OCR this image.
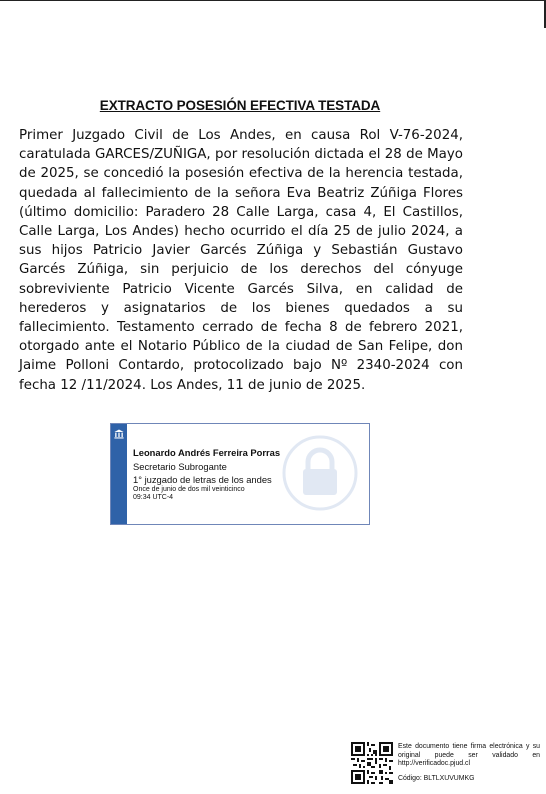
EXTRACTO POSESIÓN EFECTIVA TESTADA

Primer Juzgado Civil de Los Andes, en causa Rol V-76-2024, caratulada GARCES/ZUÑIGA, por resolución dictada el 28 de Mayo de 2025, se concedió la posesión efectiva de la herencia testada, quedada al fallecimiento de la señora Eva Beatriz Zúñiga Flores (último domicilio: Paradero 28 Calle Larga, casa 4, El Castillos, Calle Larga, Los Andes) hecho ocurrido el día 25 de julio 2024, a sus hijos Patricio Javier Garcés Zúñiga y Sebastián Gustavo Garcés Zúñiga, sin perjuicio de los derechos del cónyuge sobreviviente Patricio Vicente Garcés Silva, en calidad de herederos y asignatarios de los bienes quedados a su fallecimiento. Testamento cerrado de fecha 8 de febrero 2021, otorgado ante el Notario Público de la ciudad de San Felipe, don Jaime Polloni Contardo, protocolizado bajo Nº 2340-2024 con fecha 12 /11/2024. Los Andes, 11 de junio de 2025.

Leonardo Andrés Ferreira Porras
Secretario Subrogante
1° juzgado de letras de los andes
Once de junio de dos mil veinticinco
09:34 UTC-4

Este documento tiene firma electrónica y su original puede ser validado en http://verificadoc.pjud.cl

Código: BLTLXUVUMKG
